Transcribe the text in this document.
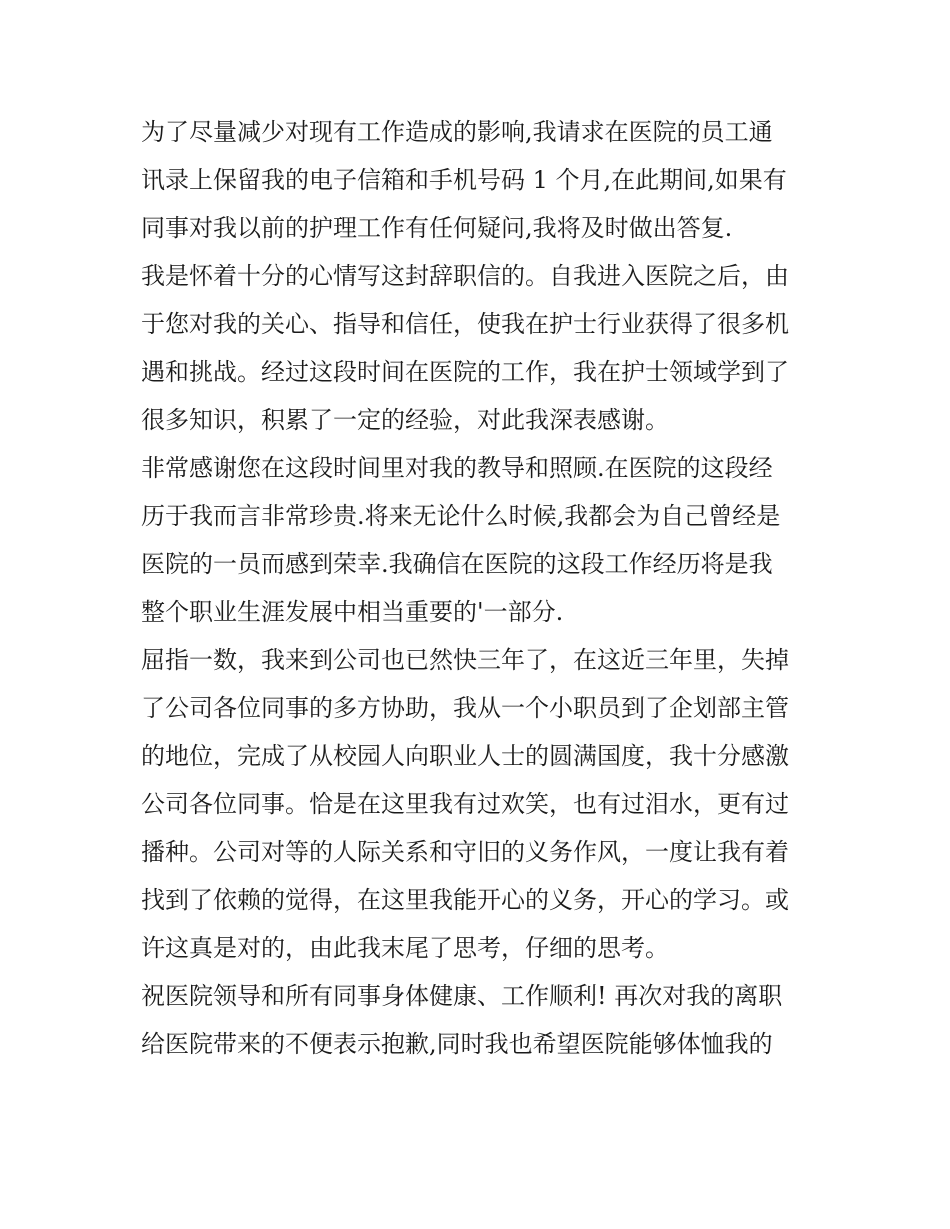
为了尽量减少对现有工作造成的影响,我请求在医院的员工通
讯录上保留我的电子信箱和手机号码 1 个月,在此期间,如果有
同事对我以前的护理工作有任何疑问,我将及时做出答复.
我是怀着十分的心情写这封辞职信的。自我进入医院之后，由
于您对我的关心、指导和信任，使我在护士行业获得了很多机
遇和挑战。经过这段时间在医院的工作，我在护士领域学到了
很多知识，积累了一定的经验，对此我深表感谢。
非常感谢您在这段时间里对我的教导和照顾.在医院的这段经
历于我而言非常珍贵.将来无论什么时候,我都会为自己曾经是
医院的一员而感到荣幸.我确信在医院的这段工作经历将是我
整个职业生涯发展中相当重要的'一部分.
屈指一数，我来到公司也已然快三年了，在这近三年里，失掉
了公司各位同事的多方协助，我从一个小职员到了企划部主管
的地位，完成了从校园人向职业人士的圆满国度，我十分感激
公司各位同事。恰是在这里我有过欢笑，也有过泪水，更有过
播种。公司对等的人际关系和守旧的义务作风，一度让我有着
找到了依赖的觉得，在这里我能开心的义务，开心的学习。或
许这真是对的，由此我末尾了思考，仔细的思考。
祝医院领导和所有同事身体健康、工作顺利! 再次对我的离职
给医院带来的不便表示抱歉,同时我也希望医院能够体恤我的
